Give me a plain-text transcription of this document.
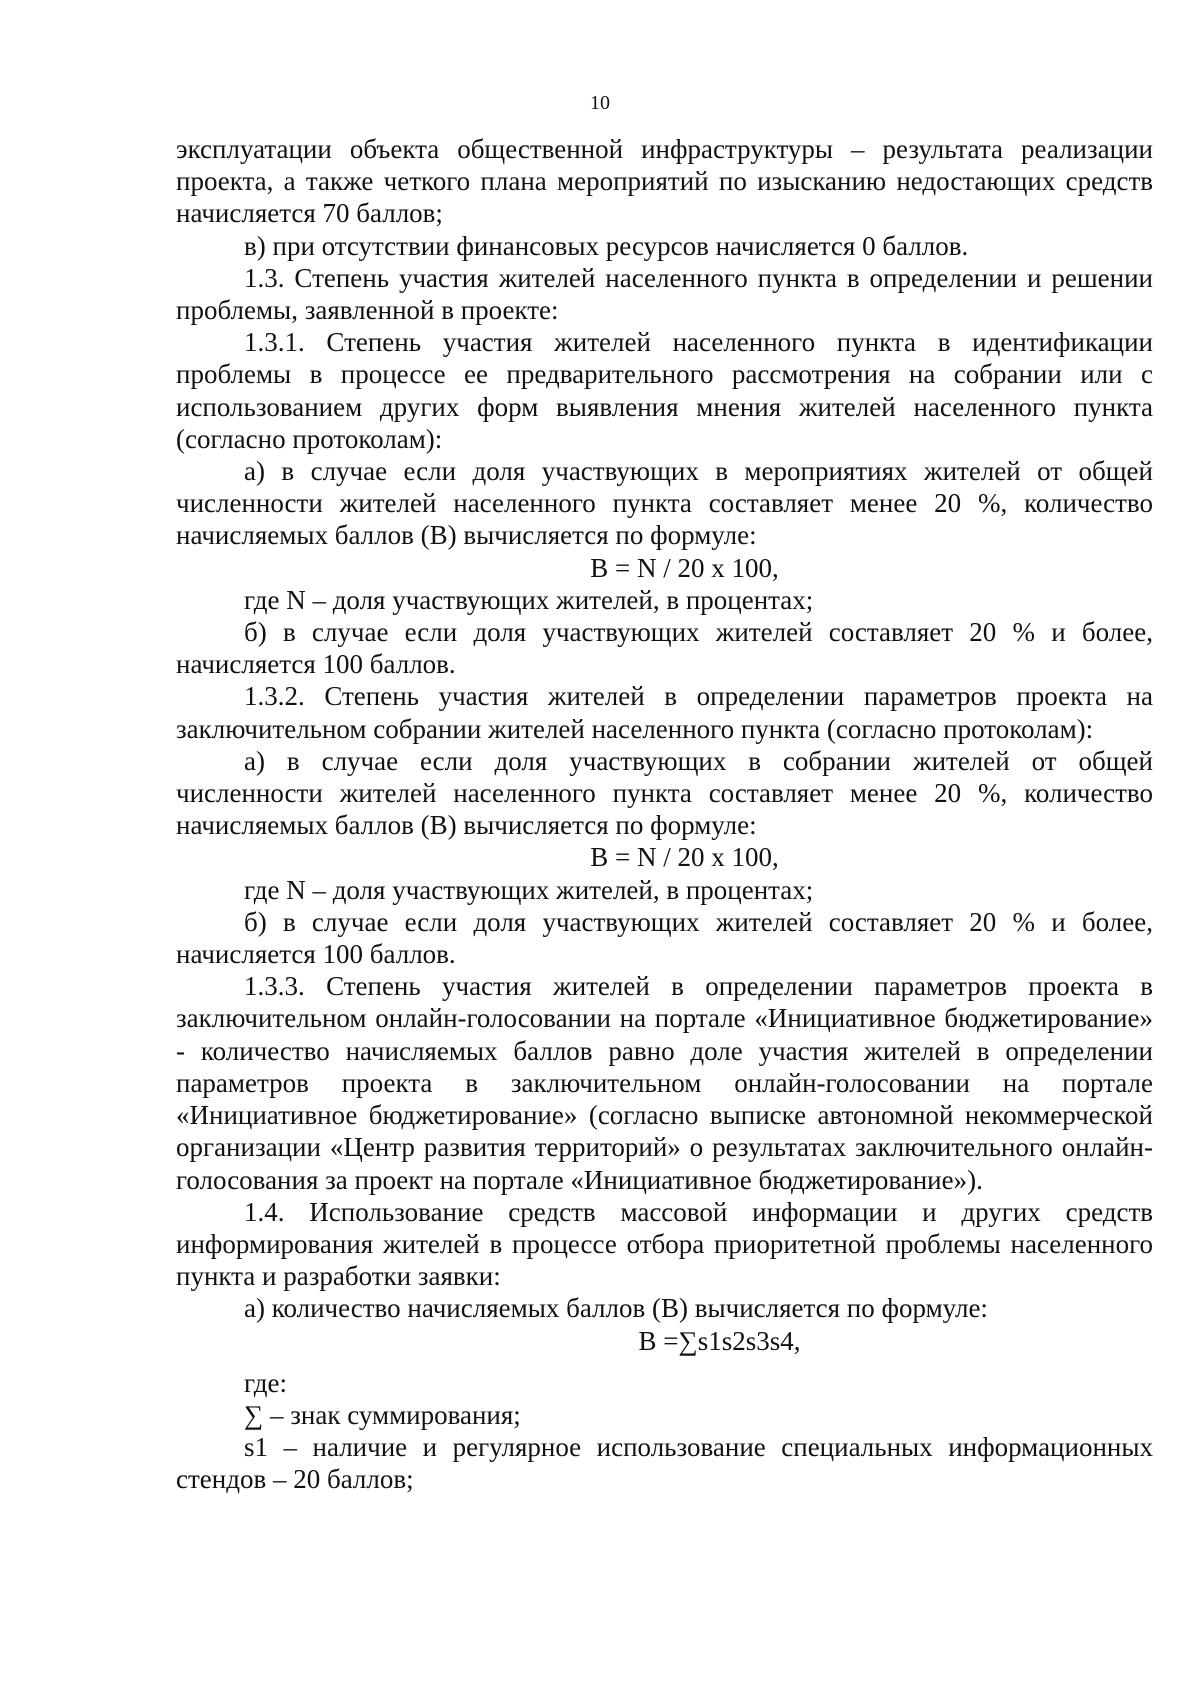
10

эксплуатации объекта общественной инфраструктуры – результата реализации проекта, а также четкого плана мероприятий по изысканию недостающих средств начисляется 70 баллов;

в) при отсутствии финансовых ресурсов начисляется 0 баллов.

1.3. Степень участия жителей населенного пункта в определении и решении проблемы, заявленной в проекте:

1.3.1. Степень участия жителей населенного пункта в идентификации проблемы в процессе ее предварительного рассмотрения на собрании или с использованием других форм выявления мнения жителей населенного пункта (согласно протоколам):

а) в случае если доля участвующих в мероприятиях жителей от общей численности жителей населенного пункта составляет менее 20 %, количество начисляемых баллов (В) вычисляется по формуле:

В = N / 20 х 100,

где N – доля участвующих жителей, в процентах;

б) в случае если доля участвующих жителей составляет 20 % и более, начисляется 100 баллов.

1.3.2. Степень участия жителей в определении параметров проекта на заключительном собрании жителей населенного пункта (согласно протоколам):

а) в случае если доля участвующих в собрании жителей от общей численности жителей населенного пункта составляет менее 20 %, количество начисляемых баллов (В) вычисляется по формуле:

В = N / 20 х 100,

где N – доля участвующих жителей, в процентах;

б) в случае если доля участвующих жителей составляет 20 % и более, начисляется 100 баллов.

1.3.3. Степень участия жителей в определении параметров проекта в заключительном онлайн-голосовании на портале «Инициативное бюджетирование» - количество начисляемых баллов равно доле участия жителей в определении параметров проекта в заключительном онлайн-голосовании на портале «Инициативное бюджетирование» (согласно выписке автономной некоммерческой организации «Центр развития территорий» о результатах заключительного онлайн-голосования за проект на портале «Инициативное бюджетирование»).

1.4. Использование средств массовой информации и других средств информирования жителей в процессе отбора приоритетной проблемы населенного пункта и разработки заявки:

а) количество начисляемых баллов (В) вычисляется по формуле:

В =∑s1s2s3s4,

где:

∑ – знак суммирования;

s1 – наличие и регулярное использование специальных информационных стендов – 20 баллов;
